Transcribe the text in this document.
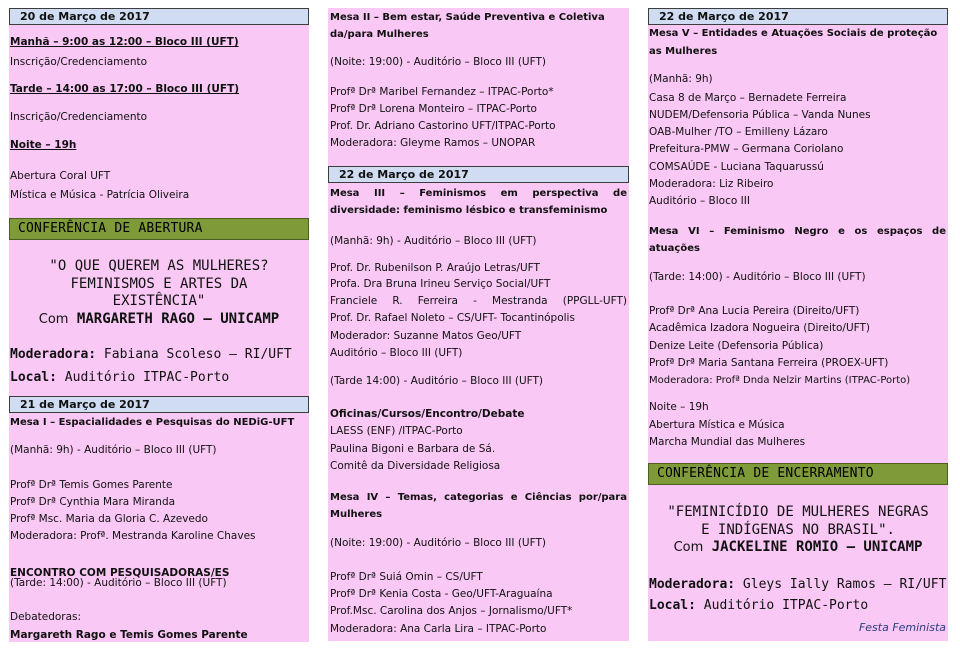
20 de Março de 2017
Manhã – 9:00 as 12:00 – Bloco III (UFT)
Inscrição/Credenciamento
Tarde – 14:00 as 17:00 – Bloco III (UFT)
Inscrição/Credenciamento
Noite – 19h
Abertura Coral UFT
Mística e Música - Patrícia Oliveira
CONFERÊNCIA DE ABERTURA
"O QUE QUEREM AS MULHERES?
FEMINISMOS E ARTES DA
EXISTÊNCIA"
Com MARGARETH RAGO – UNICAMP
Moderadora: Fabiana Scoleso – RI/UFT
Local: Auditório ITPAC-Porto
21 de Março de 2017
Mesa I – Espacialidades e Pesquisas do NEDiG-UFT
(Manhã: 9h) - Auditório – Bloco III (UFT)
Profª Drª Temis Gomes Parente
Profª Drª Cynthia Mara Miranda
Profª Msc. Maria da Gloria C. Azevedo
Moderadora: Profª. Mestranda Karoline Chaves
ENCONTRO COM PESQUISADORAS/ES
(Tarde: 14:00) - Auditório – Bloco III (UFT)
Debatedoras:
Margareth Rago e Temis Gomes Parente
Mesa II – Bem estar, Saúde Preventiva e Coletiva
da/para Mulheres
(Noite: 19:00) - Auditório – Bloco III (UFT)
Profª Drª Maribel Fernandez – ITPAC-Porto*
Profª Drª Lorena Monteiro – ITPAC-Porto
Prof. Dr. Adriano Castorino UFT/ITPAC-Porto
Moderadora: Gleyme Ramos – UNOPAR
22 de Março de 2017
Mesa III – Feminismos em perspectiva de
diversidade: feminismo lésbico e transfeminismo
(Manhã: 9h) - Auditório – Bloco III (UFT)
Prof. Dr. Rubenilson P. Araújo Letras/UFT
Profa. Dra Bruna Irineu Serviço Social/UFT
Franciele R. Ferreira - Mestranda (PPGLL-UFT)
Prof. Dr. Rafael Noleto – CS/UFT- Tocantinópolis
Moderador: Suzanne Matos Geo/UFT
Auditório – Bloco III (UFT)
(Tarde 14:00) - Auditório – Bloco III (UFT)
Oficinas/Cursos/Encontro/Debate
LAESS (ENF) /ITPAC-Porto
Paulina Bigoni e Barbara de Sá.
Comitê da Diversidade Religiosa
Mesa IV – Temas, categorias e Ciências por/para
Mulheres
(Noite: 19:00) - Auditório – Bloco III (UFT)
Profª Drª Suiá Omin – CS/UFT
Profª Drª Kenia Costa - Geo/UFT-Araguaína
Prof.Msc. Carolina dos Anjos – Jornalismo/UFT*
Moderadora: Ana Carla Lira – ITPAC-Porto
22 de Março de 2017
Mesa V – Entidades e Atuações Sociais de proteção
as Mulheres
(Manhã: 9h)
Casa 8 de Março – Bernadete Ferreira
NUDEM/Defensoria Pública – Vanda Nunes
OAB-Mulher /TO – Emilleny Lázaro
Prefeitura-PMW – Germana Coriolano
COMSAÚDE - Luciana Taquarussú
Moderadora: Liz Ribeiro
Auditório – Bloco III
Mesa VI – Feminismo Negro e os espaços de
atuações
(Tarde: 14:00) - Auditório – Bloco III (UFT)
Profª Drª Ana Lucia Pereira (Direito/UFT)
Acadêmica Izadora Nogueira (Direito/UFT)
Denize Leite (Defensoria Pública)
Profª Drª Maria Santana Ferreira (PROEX-UFT)
Moderadora: Profª Dnda Nelzir Martins (ITPAC-Porto)
Noite – 19h
Abertura Mística e Música
Marcha Mundial das Mulheres
CONFERÊNCIA DE ENCERRAMENTO
"FEMINICÍDIO DE MULHERES NEGRAS
E INDÍGENAS NO BRASIL".
Com JACKELINE ROMIO – UNICAMP
Moderadora: Gleys Ially Ramos – RI/UFT
Local: Auditório ITPAC-Porto
Festa Feminista
